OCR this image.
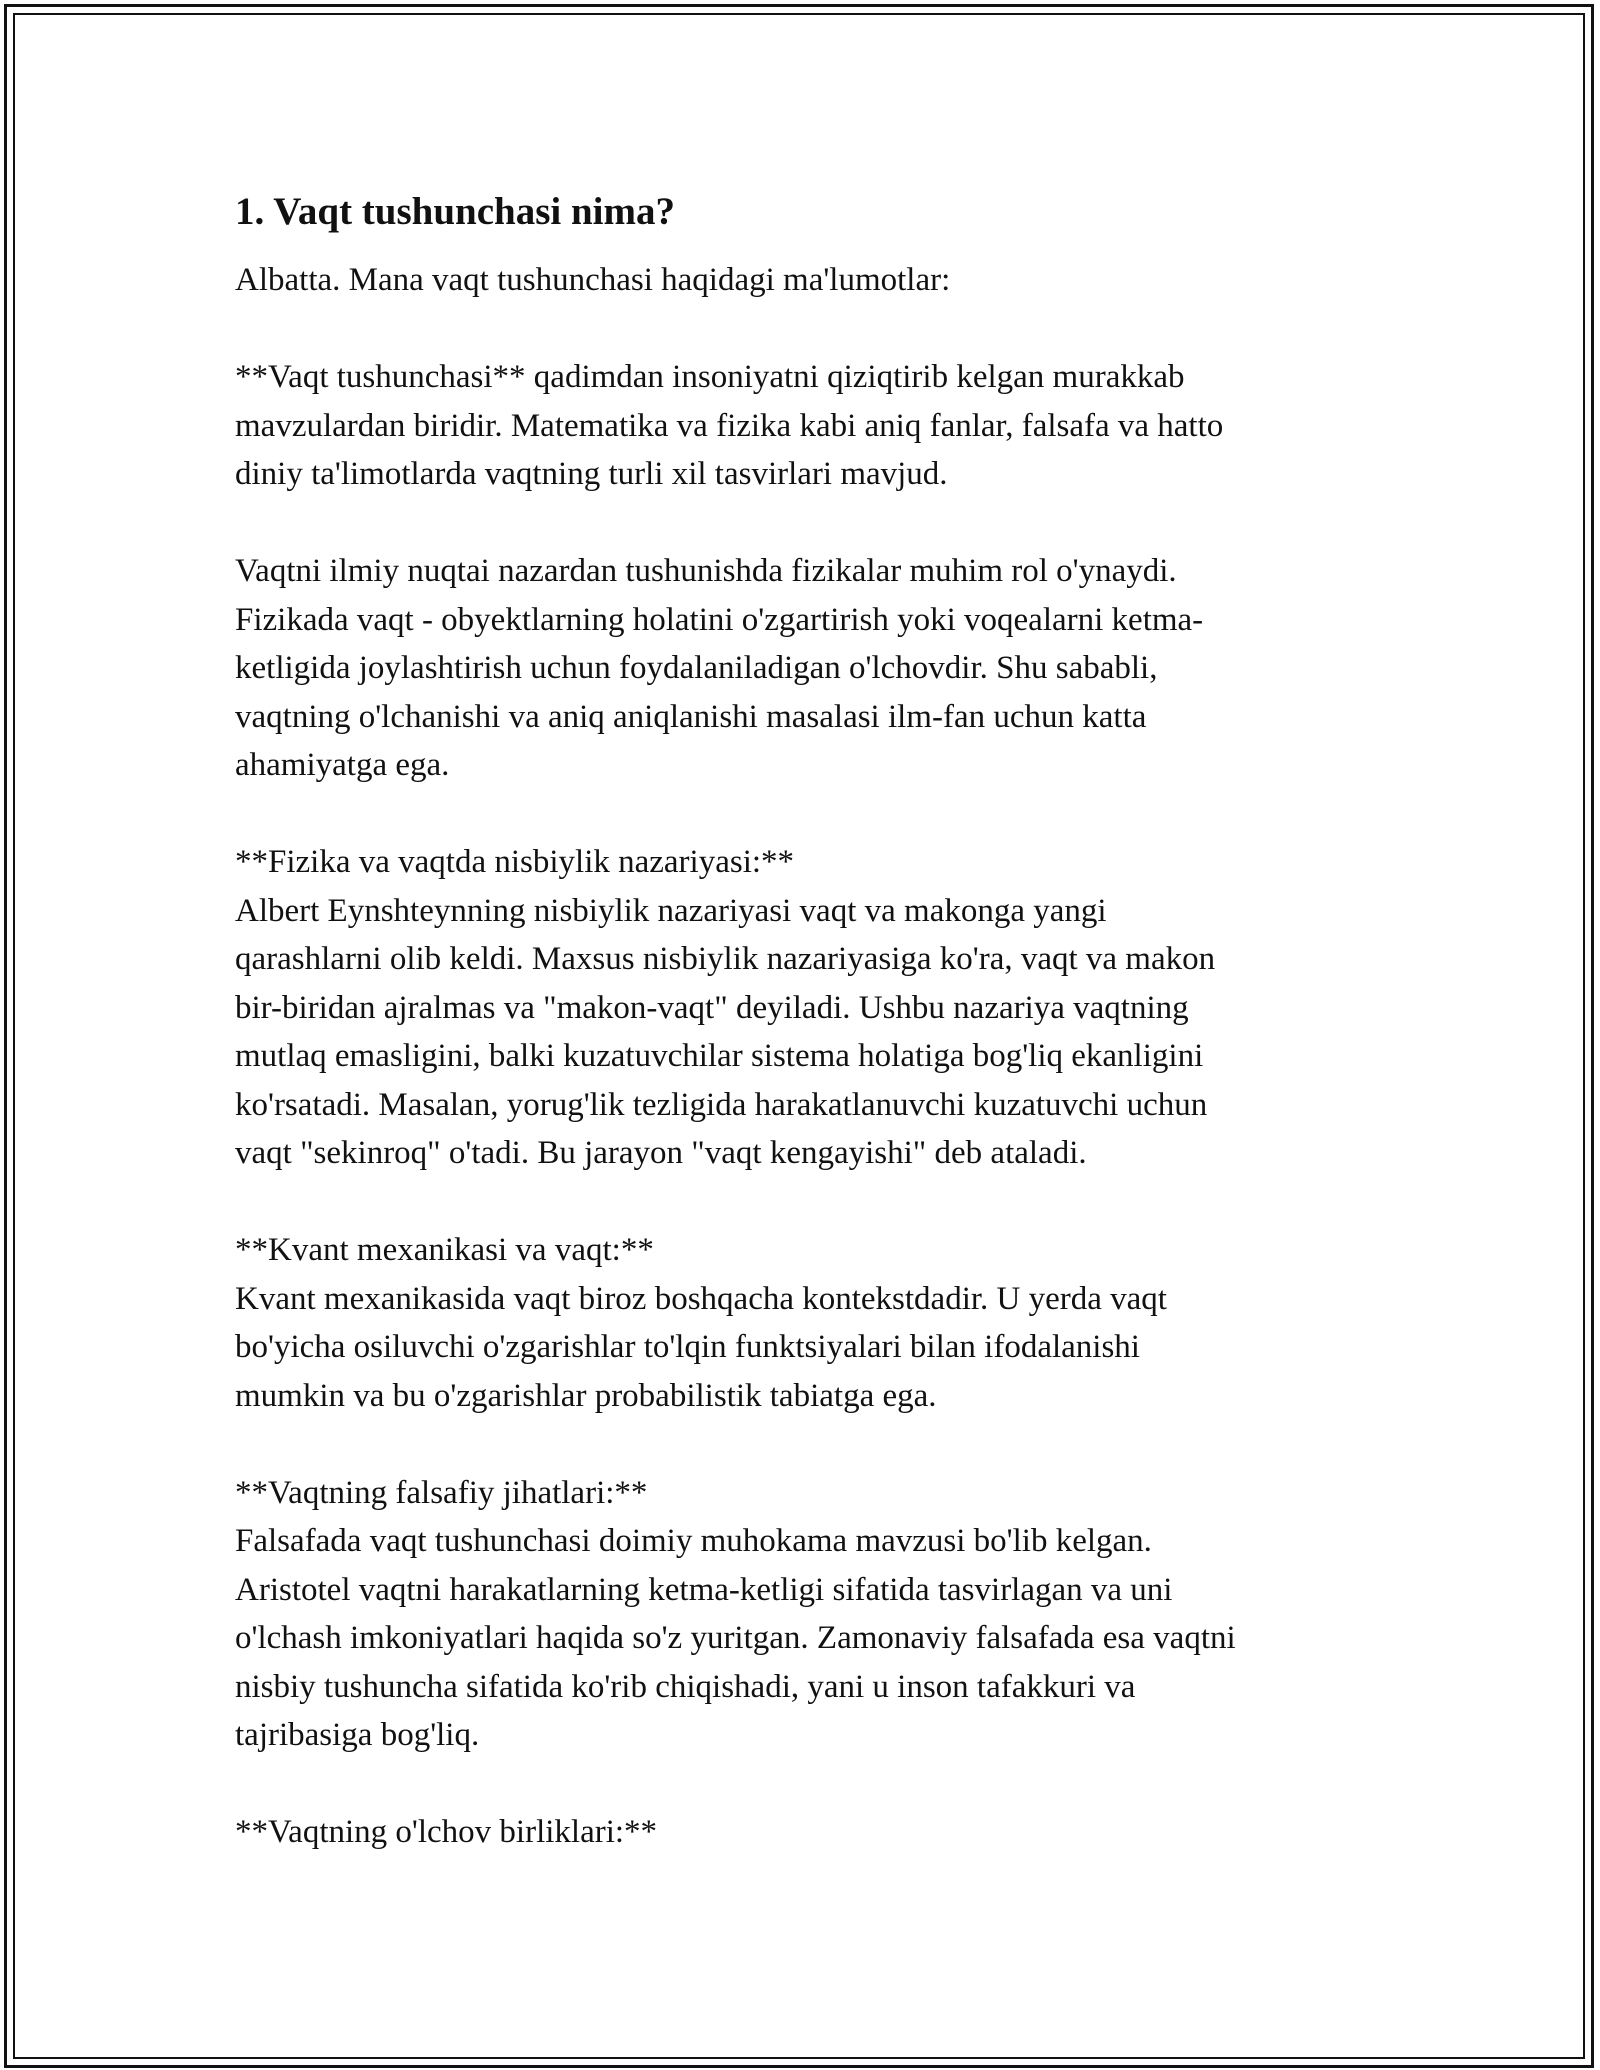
1. Vaqt tushunchasi nima?
Albatta. Mana vaqt tushunchasi haqidagi ma'lumotlar:
**Vaqt tushunchasi** qadimdan insoniyatni qiziqtirib kelgan murakkab
mavzulardan biridir. Matematika va fizika kabi aniq fanlar, falsafa va hatto
diniy ta'limotlarda vaqtning turli xil tasvirlari mavjud.
Vaqtni ilmiy nuqtai nazardan tushunishda fizikalar muhim rol o'ynaydi.
Fizikada vaqt - obyektlarning holatini o'zgartirish yoki voqealarni ketma-
ketligida joylashtirish uchun foydalaniladigan o'lchovdir. Shu sababli,
vaqtning o'lchanishi va aniq aniqlanishi masalasi ilm-fan uchun katta
ahamiyatga ega.
**Fizika va vaqtda nisbiylik nazariyasi:**
Albert Eynshteynning nisbiylik nazariyasi vaqt va makonga yangi
qarashlarni olib keldi. Maxsus nisbiylik nazariyasiga ko'ra, vaqt va makon
bir-biridan ajralmas va "makon-vaqt" deyiladi. Ushbu nazariya vaqtning
mutlaq emasligini, balki kuzatuvchilar sistema holatiga bog'liq ekanligini
ko'rsatadi. Masalan, yorug'lik tezligida harakatlanuvchi kuzatuvchi uchun
vaqt "sekinroq" o'tadi. Bu jarayon "vaqt kengayishi" deb ataladi.
**Kvant mexanikasi va vaqt:**
Kvant mexanikasida vaqt biroz boshqacha kontekstdadir. U yerda vaqt
bo'yicha osiluvchi o'zgarishlar to'lqin funktsiyalari bilan ifodalanishi
mumkin va bu o'zgarishlar probabilistik tabiatga ega.
**Vaqtning falsafiy jihatlari:**
Falsafada vaqt tushunchasi doimiy muhokama mavzusi bo'lib kelgan.
Aristotel vaqtni harakatlarning ketma-ketligi sifatida tasvirlagan va uni
o'lchash imkoniyatlari haqida so'z yuritgan. Zamonaviy falsafada esa vaqtni
nisbiy tushuncha sifatida ko'rib chiqishadi, yani u inson tafakkuri va
tajribasiga bog'liq.
**Vaqtning o'lchov birliklari:**
